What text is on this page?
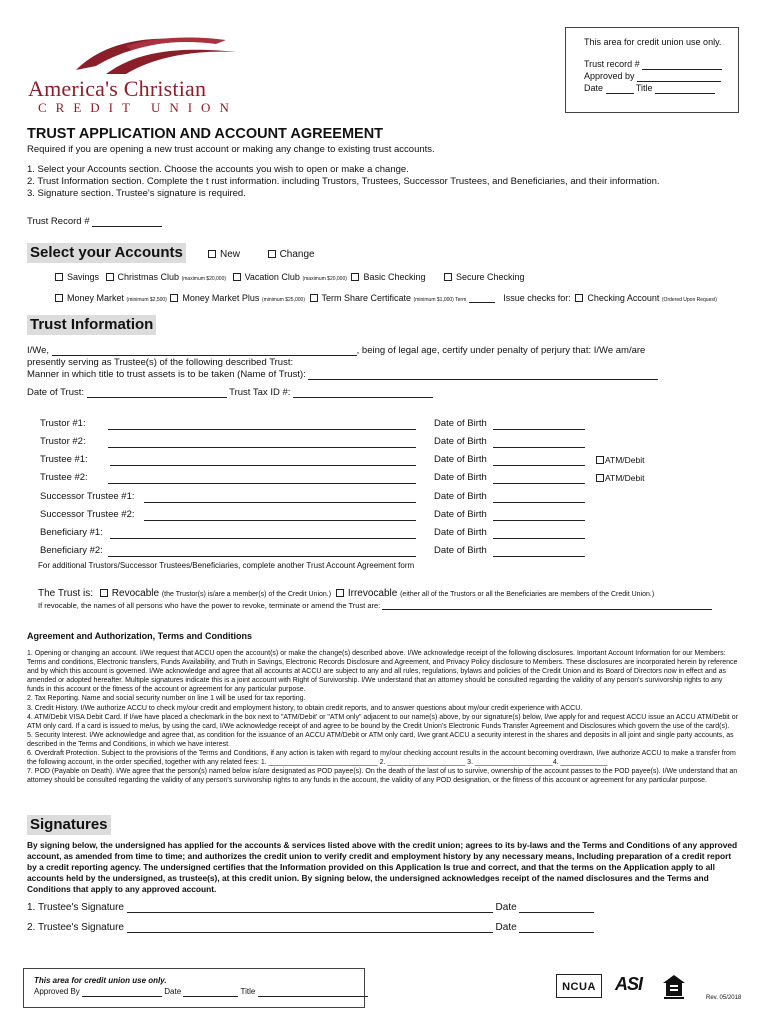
America's Christian
CREDIT UNION
This area for credit union use only.
Trust record #
Approved by
Date	Title
TRUST APPLICATION AND ACCOUNT AGREEMENT
Required if you are opening a new trust account or making any change to existing trust accounts.
1. Select your Accounts section. Choose the accounts you wish to open or make a change.
2. Trust Information section. Complete the t rust information. including Trustors, Trustees, Successor Trustees, and Beneficiaries, and their information.
3. Signature section. Trustee's signature is required.
Trust Record #
Select your Accounts	New	Change
Savings Christmas Club (maximum $20,000) Vacation Club (maximum $20,000) Basic Checking	Secure Checking
Money Market (minimum $2,500) Money Market Plus (minimum $25,000) Term Share Certificate (minimum $1,000) Term	Issue checks for: Checking Account (Ordered Upon Request)
Trust Information
I/We,	, being of legal age, certify under penalty of perjury that: I/We am/are
presently serving as Trustee(s) of the following described Trust:
Manner in which title to trust assets is to be taken (Name of Trust):
Date of Trust:	Trust Tax ID #:
Trustor #1:	Date of Birth
Trustor #2:	Date of Birth
Trustee #1:	Date of Birth	ATM/Debit
Trustee #2:	Date of Birth	ATM/Debit
Successor Trustee #1:	Date of Birth
Successor Trustee #2:	Date of Birth
Beneficiary #1:	Date of Birth
Beneficiary #2:	Date of Birth
For additional Trustors/Successor Trustees/Beneficiaries, complete another Trust Account Agreement form
The Trust is: Revocable (the Trustor(s) is/are a member(s) of the Credit Union.) Irrevocable (either all of the Trustors or all the Beneficiaries are members of the Credit Union.)
If revocable, the names of all persons who have the power to revoke, terminate or amend the Trust are:
Agreement and Authorization, Terms and Conditions

1. Opening or changing an account. I/We request that ACCU open the account(s) or make the change(s) described above. I/We acknowledge receipt of the following disclosures. Important Account Information for our Members: Terms and conditions, Electronic transfers, Funds Availability, and Truth in Savings, Electronic Records Disclosure and Agreement, and Privacy Policy disclosure to Members. These disclosures are incorporated herein by reference and by which this account is governed. I/We acknowledge and agree that all accounts at ACCU are subject to any and all rules, regulations, bylaws and policies of the Credit Union and its Board of Directors now in effect and as amended or adopted hereafter. Multiple signatures indicate this is a joint account with Right of Survivorship. I/We understand that an attorney should be consulted regarding the validity of any person's survivorship rights to any funds in this account or the fitness of the account or agreement for any particular purpose.

2. Tax Reporting. Name and social security number on line 1 will be used for tax reporting.

3. Credit History. I/We authorize ACCU to check my/our credit and employment history, to obtain credit reports, and to answer questions about my/our credit experience with ACCU.

4. ATM/Debit VISA Debit Card. If I/we have placed a checkmark in the box next to "ATM/Debit' or "ATM only" adjacent to our name(s) above, by our signature(s) below, I/we apply for and request ACCU issue an ACCU ATM/Debit or ATM only card. If a card is issued to me/us, by using the card, I/We acknowledge receipt of and agree to be bound by the Credit Union's Electronic Funds Transfer Agreement and Disclosures which govern the use of the card(s).

5. Security Interest. I/We acknowledge and agree that, as condition for the issuance of an ACCU ATM/Debit or ATM only card, I/we grant ACCU a security interest in the shares and deposits in all joint and single party accounts, as described in the Terms and Conditions, in which we have interest.

6. Overdraft Protection. Subject to the provisions of the Terms and Conditions, if any action is taken with regard to my/our checking account results in the account becoming overdrawn, I/we authorize ACCU to make a transfer from the following account, in the order specified, together with any related fees: 1. ____________________________ 2. ____________________ 3. ____________________4. ____________

7. POD (Payable on Death). I/We agree that the person(s) named below is/are designated as POD payee(s). On the death of the last of us to survive, ownership of the account passes to the POD payee(s). I/We understand that an attorney should be consulted regarding the validity of any person's survivorship rights to any funds in the account, the validity of any POD designation, or the fitness of this account or agreement for any particular purpose.

Signatures
By signing below, the undersigned has applied for the accounts & services listed above with the credit union; agrees to its by-laws and the Terms and Conditions of any approved account, as amended from time to time; and authorizes the credit union to verify credit and employment history by any necessary means, Including preparation of a credit report by a credit reporting agency. The undersigned certifies that the Information provided on this Application Is true and correct, and that the terms on the Application apply to all accounts held by the undersigned, as trustee(s), at this credit union. By signing below, the undersigned acknowledges receipt of the named disclosures and the Terms and Conditions that apply to any approved account.
1. Trustee's Signature	Date
2. Trustee's Signature	Date
This area for credit union use only.
Approved By	Date	Title
	NCUA ASI
Rev. 05/2018
